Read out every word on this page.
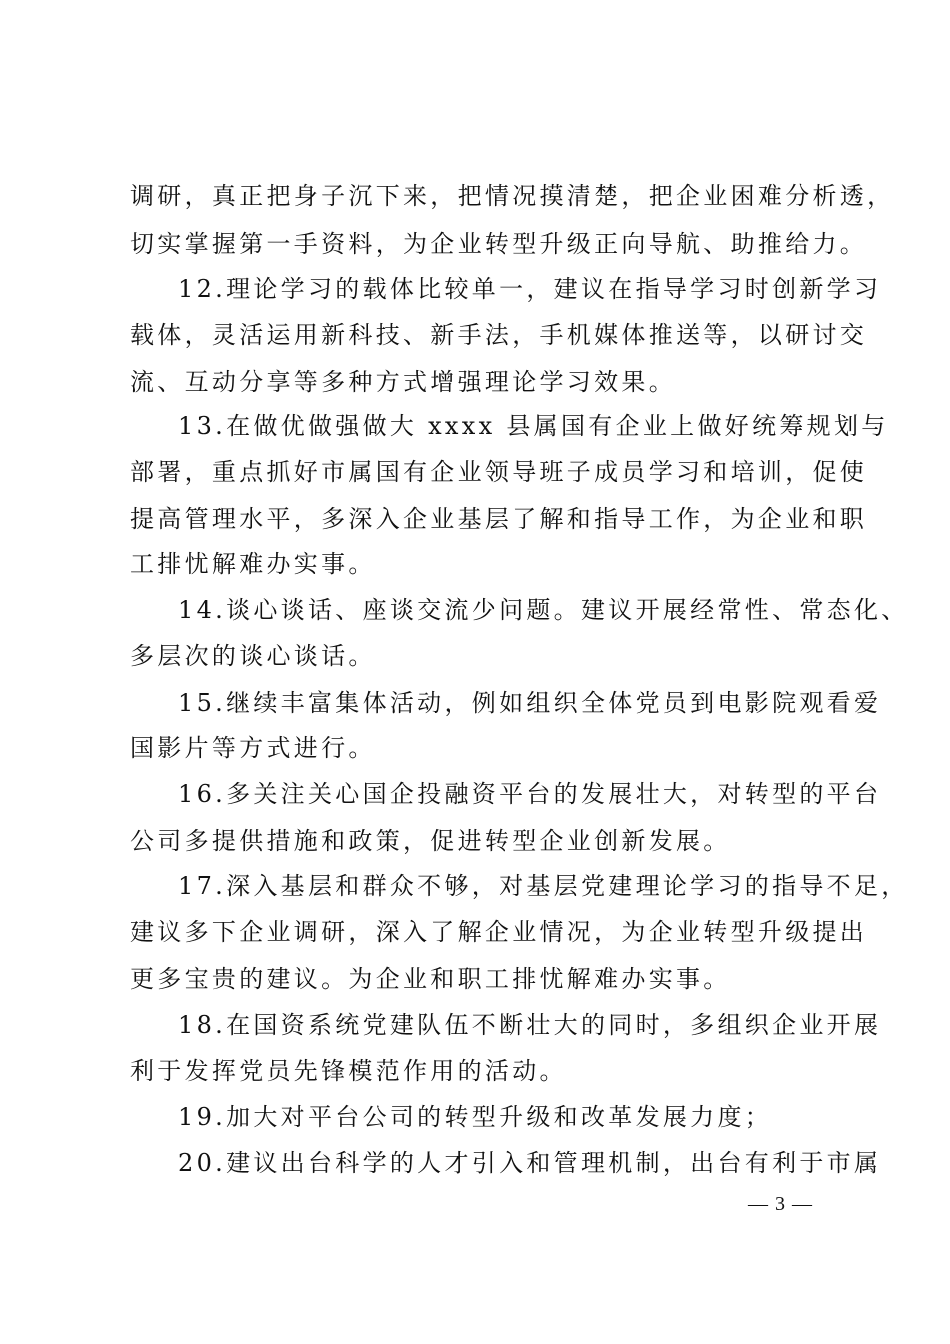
调研，真正把身子沉下来，把情况摸清楚，把企业困难分析透，
切实掌握第一手资料，为企业转型升级正向导航、助推给力。
12.理论学习的载体比较单一，建议在指导学习时创新学习
载体，灵活运用新科技、新手法，手机媒体推送等，以研讨交
流、互动分享等多种方式增强理论学习效果。
13.在做优做强做大 xxxx 县属国有企业上做好统筹规划与
部署，重点抓好市属国有企业领导班子成员学习和培训，促使
提高管理水平，多深入企业基层了解和指导工作，为企业和职
工排忧解难办实事。
14.谈心谈话、座谈交流少问题。建议开展经常性、常态化、
多层次的谈心谈话。
15.继续丰富集体活动，例如组织全体党员到电影院观看爱
国影片等方式进行。
16.多关注关心国企投融资平台的发展壮大，对转型的平台
公司多提供措施和政策，促进转型企业创新发展。
17.深入基层和群众不够，对基层党建理论学习的指导不足，
建议多下企业调研，深入了解企业情况，为企业转型升级提出
更多宝贵的建议。为企业和职工排忧解难办实事。
18.在国资系统党建队伍不断壮大的同时，多组织企业开展
利于发挥党员先锋模范作用的活动。
19.加大对平台公司的转型升级和改革发展力度；
20.建议出台科学的人才引入和管理机制，出台有利于市属
— 3 —
